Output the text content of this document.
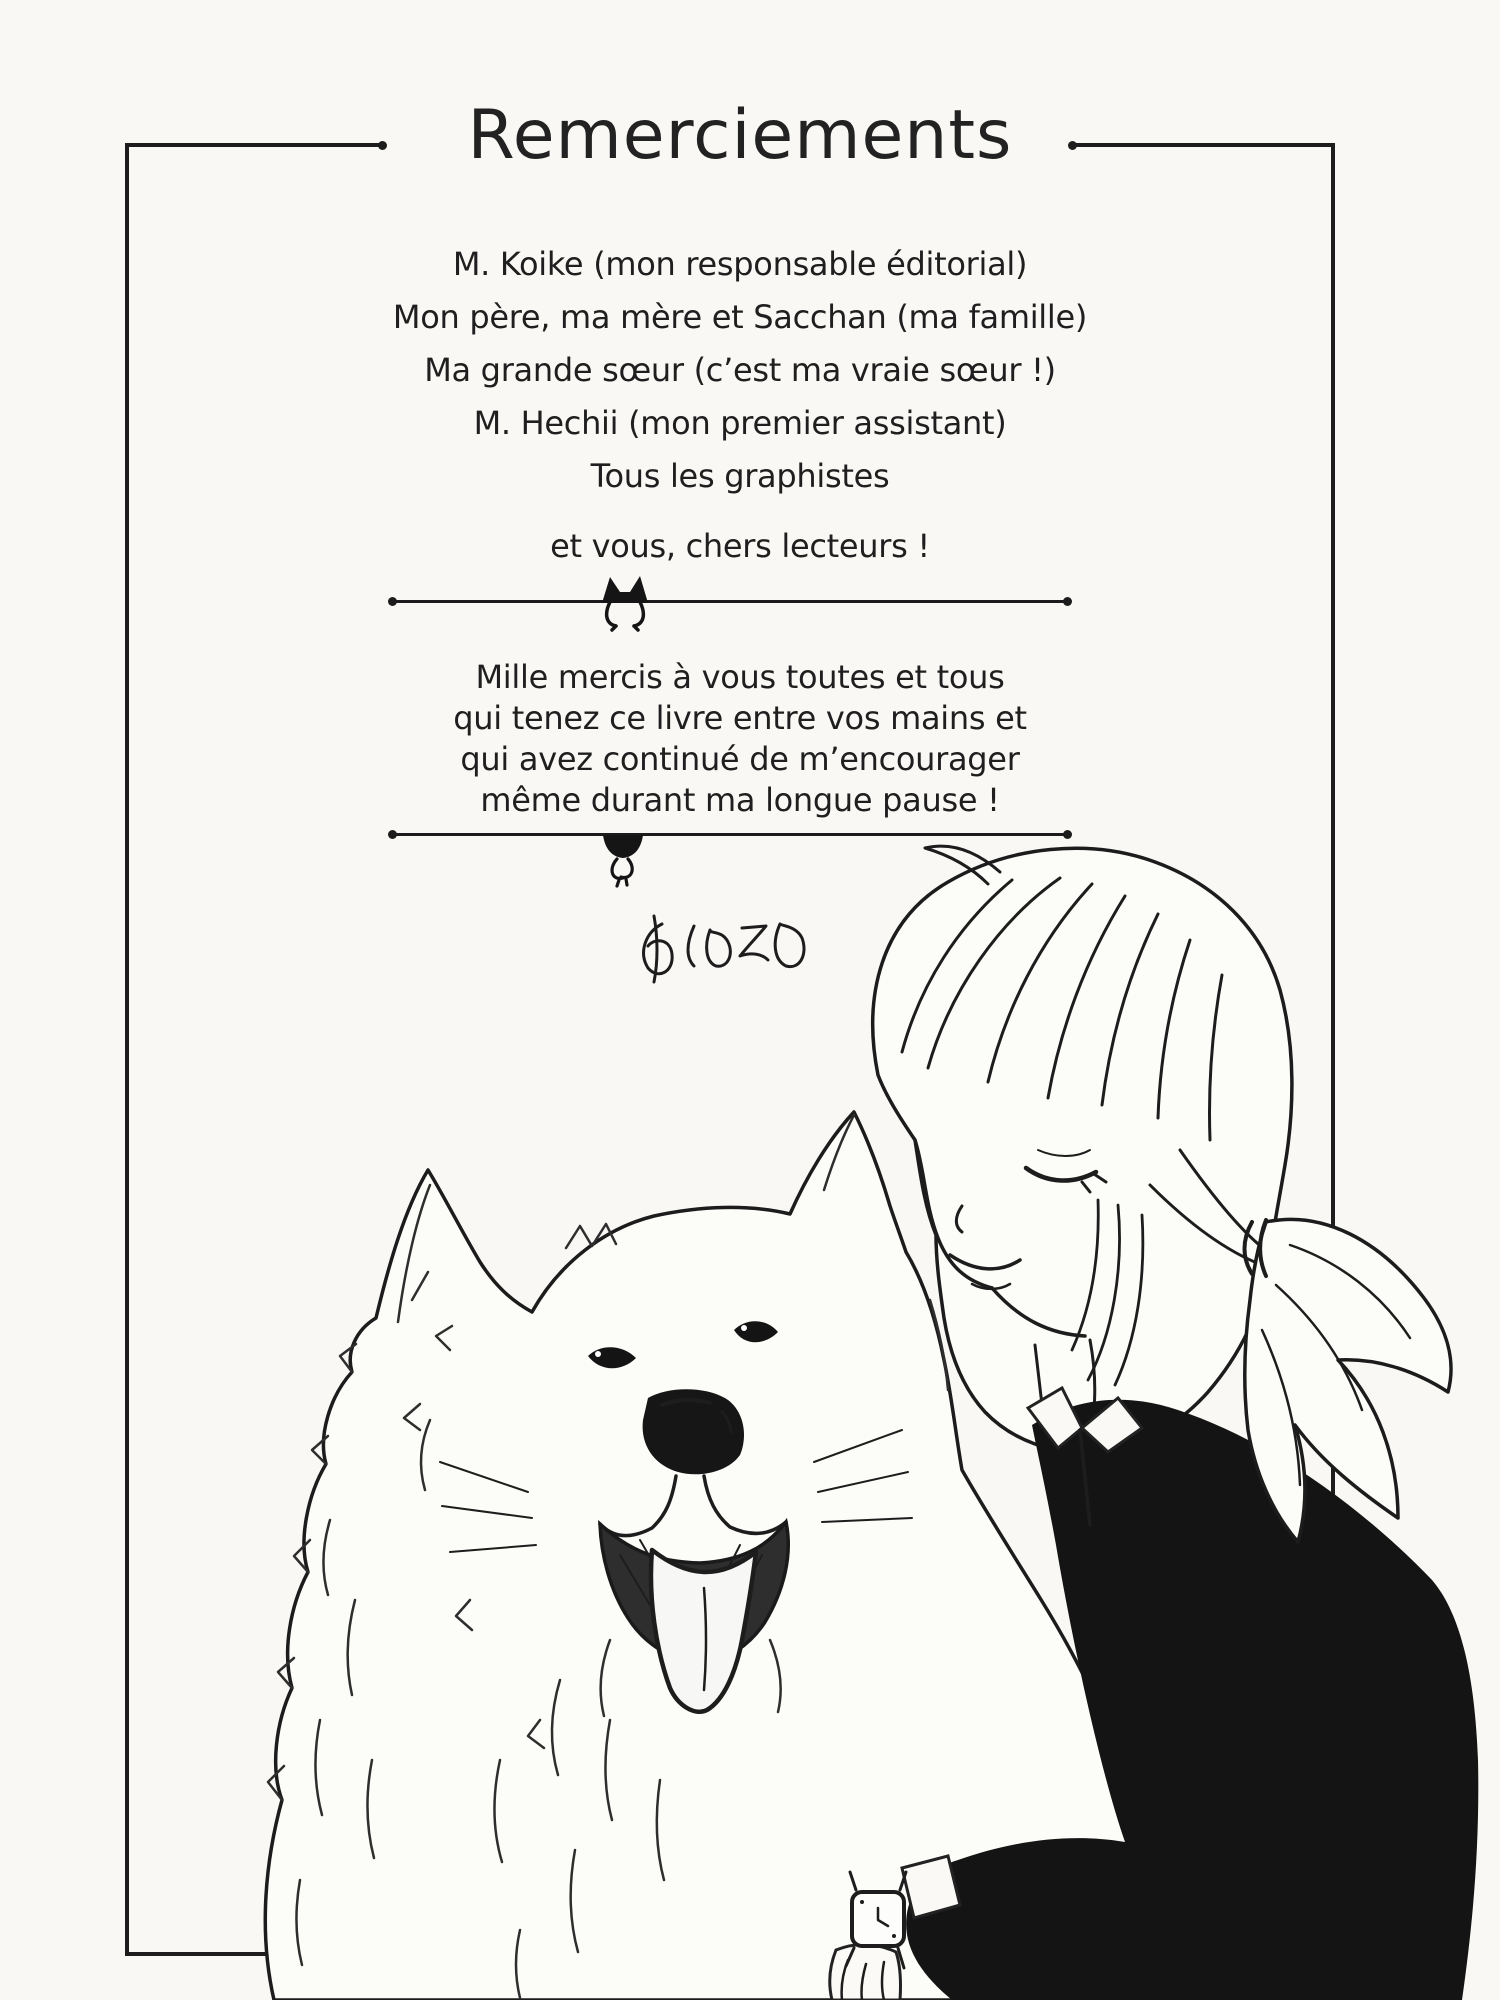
Remerciements
M. Koike (mon responsable éditorial)
Mon père, ma mère et Sacchan (ma famille)
Ma grande sœur (c’est ma vraie sœur !)
M. Hechii (mon premier assistant)
Tous les graphistes
et vous, chers lecteurs !
Mille mercis à vous toutes et tous
qui tenez ce livre entre vos mains et
qui avez continué de m’encourager
même durant ma longue pause !
